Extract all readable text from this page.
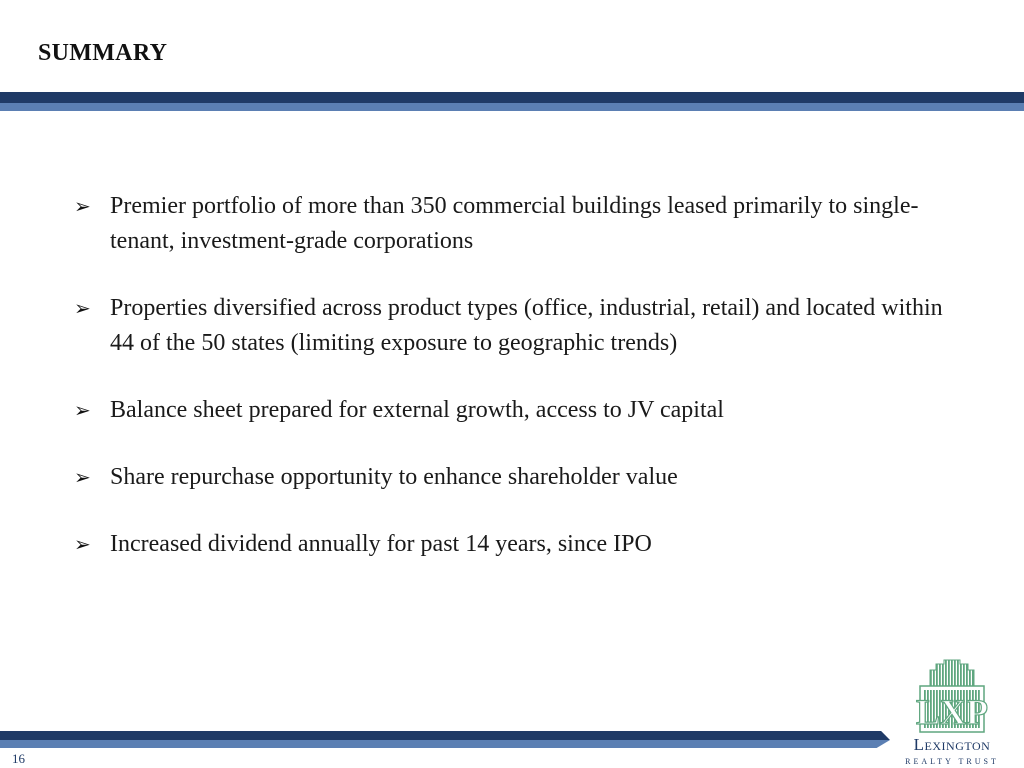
SUMMARY
➢ Premier portfolio of more than 350 commercial buildings leased primarily to single-tenant, investment-grade corporations
➢ Properties diversified across product types (office, industrial, retail) and located within 44 of the 50 states (limiting exposure to geographic trends)
➢ Balance sheet prepared for external growth, access to JV capital
➢ Share repurchase opportunity to enhance shareholder value
➢ Increased dividend annually for past 14 years, since IPO
16
LXP
Lexington
REALTY TRUST
